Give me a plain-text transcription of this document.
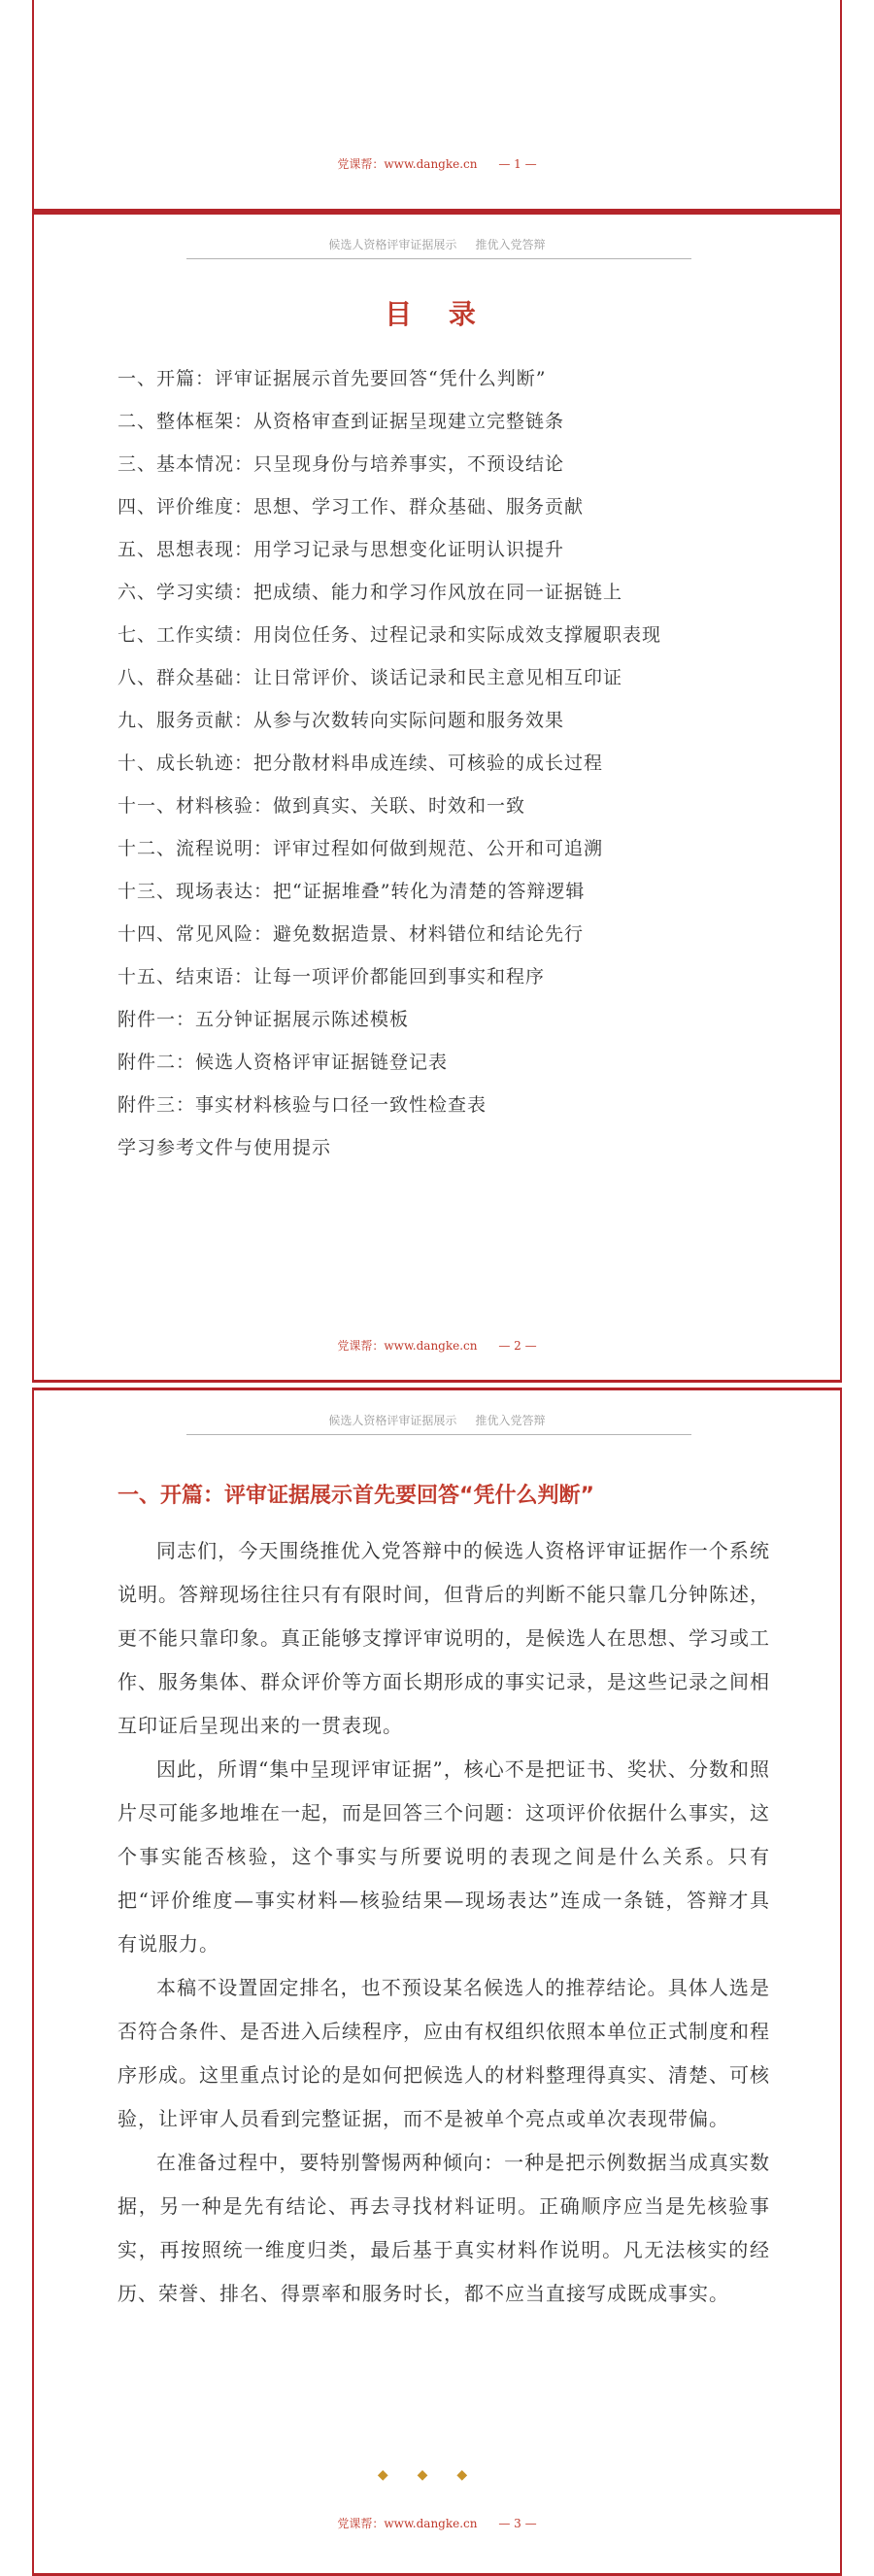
党课帮：www.dangke.cn — 1 —
候选人资格评审证据展示 推优入党答辩
目 录
一、开篇：评审证据展示首先要回答“凭什么判断”
二、整体框架：从资格审查到证据呈现建立完整链条
三、基本情况：只呈现身份与培养事实，不预设结论
四、评价维度：思想、学习工作、群众基础、服务贡献
五、思想表现：用学习记录与思想变化证明认识提升
六、学习实绩：把成绩、能力和学习作风放在同一证据链上
七、工作实绩：用岗位任务、过程记录和实际成效支撑履职表现
八、群众基础：让日常评价、谈话记录和民主意见相互印证
九、服务贡献：从参与次数转向实际问题和服务效果
十、成长轨迹：把分散材料串成连续、可核验的成长过程
十一、材料核验：做到真实、关联、时效和一致
十二、流程说明：评审过程如何做到规范、公开和可追溯
十三、现场表达：把“证据堆叠”转化为清楚的答辩逻辑
十四、常见风险：避免数据造景、材料错位和结论先行
十五、结束语：让每一项评价都能回到事实和程序
附件一：五分钟证据展示陈述模板
附件二：候选人资格评审证据链登记表
附件三：事实材料核验与口径一致性检查表
学习参考文件与使用提示
党课帮：www.dangke.cn — 2 —
候选人资格评审证据展示 推优入党答辩
一、开篇：评审证据展示首先要回答“凭什么判断”

同志们，今天围绕推优入党答辩中的候选人资格评审证据作一个系统说明。答辩现场往往只有有限时间，但背后的判断不能只靠几分钟陈述，更不能只靠印象。真正能够支撑评审说明的，是候选人在思想、学习或工作、服务集体、群众评价等方面长期形成的事实记录，是这些记录之间相互印证后呈现出来的一贯表现。

因此，所谓“集中呈现评审证据”，核心不是把证书、奖状、分数和照片尽可能多地堆在一起，而是回答三个问题：这项评价依据什么事实，这个事实能否核验，这个事实与所要说明的表现之间是什么关系。只有把“评价维度—事实材料—核验结果—现场表达”连成一条链，答辩才具有说服力。

本稿不设置固定排名，也不预设某名候选人的推荐结论。具体人选是否符合条件、是否进入后续程序，应由有权组织依照本单位正式制度和程序形成。这里重点讨论的是如何把候选人的材料整理得真实、清楚、可核验，让评审人员看到完整证据，而不是被单个亮点或单次表现带偏。

在准备过程中，要特别警惕两种倾向：一种是把示例数据当成真实数据，另一种是先有结论、再去寻找材料证明。正确顺序应当是先核验事实，再按照统一维度归类，最后基于真实材料作说明。凡无法核实的经历、荣誉、排名、得票率和服务时长，都不应当直接写成既成事实。

◆◆◆
党课帮：www.dangke.cn — 3 —
